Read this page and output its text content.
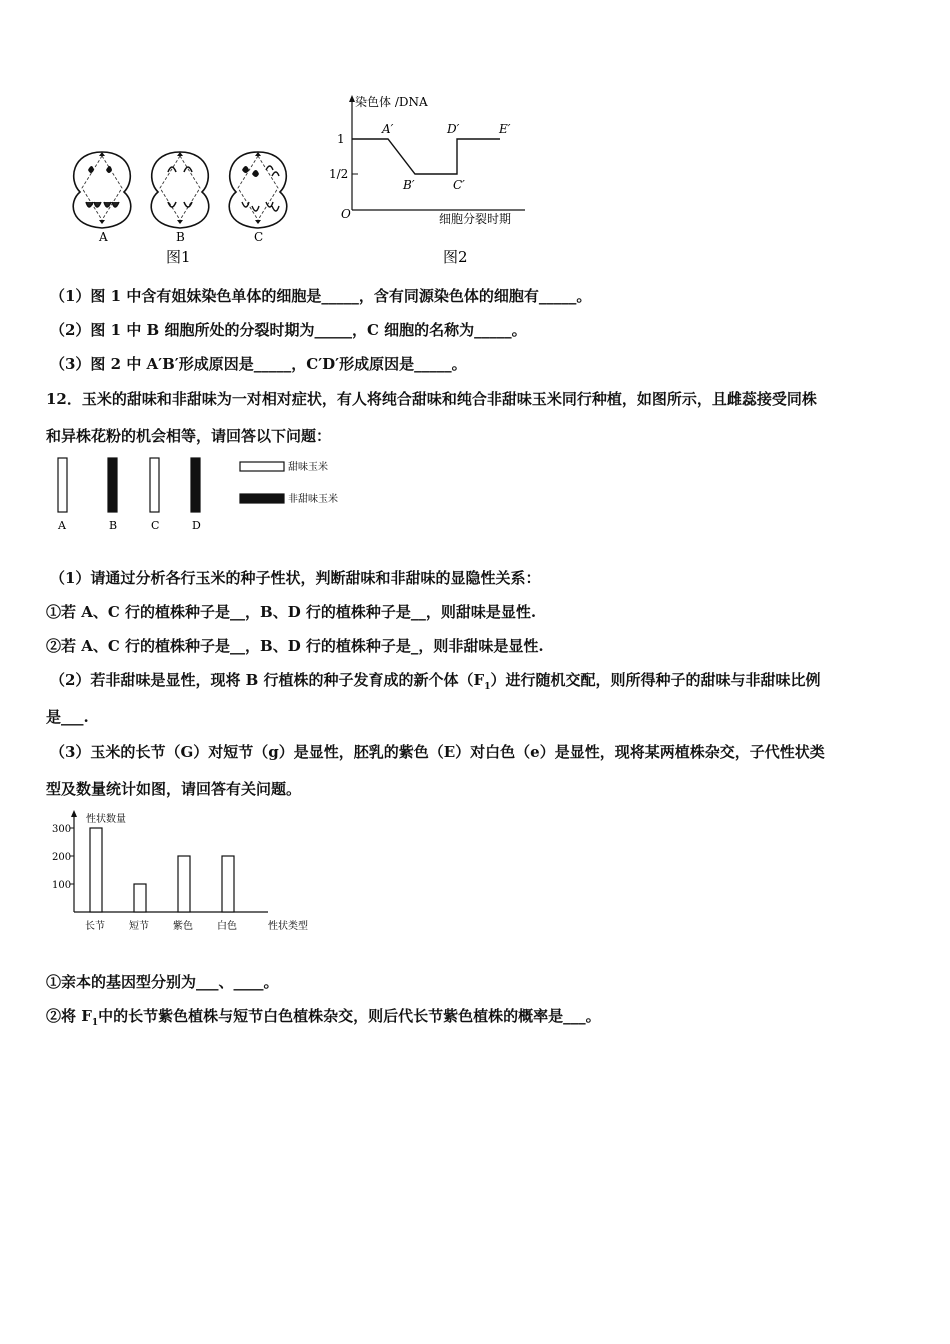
A	B	C
图1
染色体 /DNA
细胞分裂时期
O
1
1/2
A′
B′	C′
D′	E′
图2
（1）图 1 中含有姐妹染色单体的细胞是_____，含有同源染色体的细胞有_____。
（2）图 1 中 B 细胞所处的分裂时期为_____，C 细胞的名称为_____。
（3）图 2 中 A′B′形成原因是_____，C′D′形成原因是_____。
12．玉米的甜味和非甜味为一对相对症状，有人将纯合甜味和纯合非甜味玉米同行种植，如图所示，且雌蕊接受同株
和异株花粉的机会相等，请回答以下问题：
A	B	C	D
甜味玉米
非甜味玉米
（1）请通过分析各行玉米的种子性状，判断甜味和非甜味的显隐性关系：
①若 A、C 行的植株种子是__，B、D 行的植株种子是__，则甜味是显性.
②若 A、C 行的植株种子是__，B、D 行的植株种子是_，则非甜味是显性.
（2）若非甜味是显性，现将 B 行植株的种子发育成的新个体$(F_1)$进行随机交配，则所得种子的甜味与非甜味比例
是___.
（3）玉米的长节（G）对短节（g）是显性，胚乳的紫色（E）对白色（e）是显性，现将某两植株杂交，子代性状类
型及数量统计如图，请回答有关问题。
性状数量
性状类型
100
200
300
长节 短节 紫色 白色
①亲本的基因型分别为___、____。
②将 $F_1$中的长节紫色植株与短节白色植株杂交，则后代长节紫色植株的概率是___。
